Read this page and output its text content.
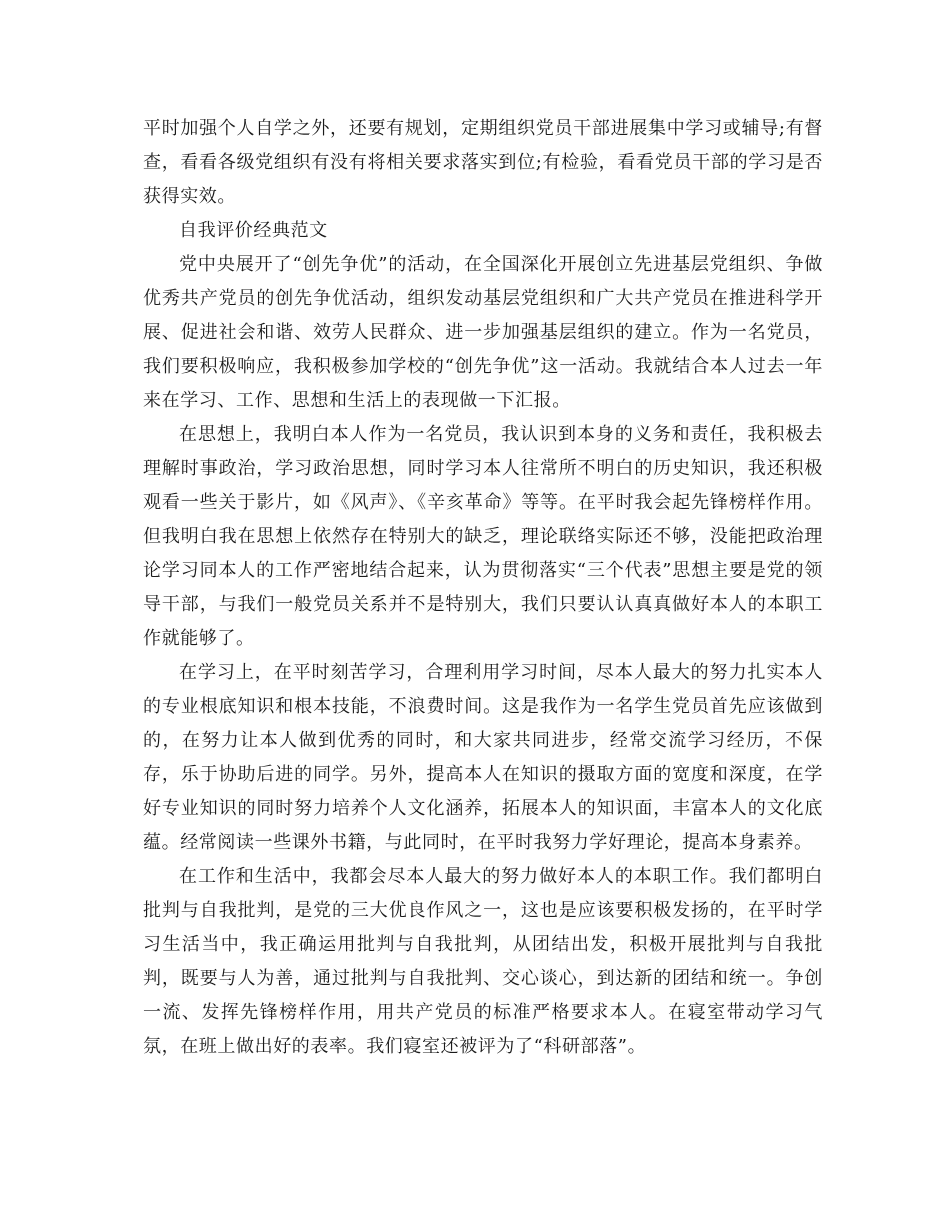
平时加强个人自学之外，还要有规划，定期组织党员干部进展集中学习或辅导;有督查，看看各级党组织有没有将相关要求落实到位;有检验，看看党员干部的学习是否获得实效。

自我评价经典范文

党中央展开了“创先争优”的活动，在全国深化开展创立先进基层党组织、争做优秀共产党员的创先争优活动，组织发动基层党组织和广大共产党员在推进科学开展、促进社会和谐、效劳人民群众、进一步加强基层组织的建立。作为一名党员，我们要积极响应，我积极参加学校的“创先争优”这一活动。我就结合本人过去一年来在学习、工作、思想和生活上的表现做一下汇报。

在思想上，我明白本人作为一名党员，我认识到本身的义务和责任，我积极去理解时事政治，学习政治思想，同时学习本人往常所不明白的历史知识，我还积极观看一些关于影片，如《风声》、《辛亥革命》等等。在平时我会起先锋榜样作用。但我明白我在思想上依然存在特别大的缺乏，理论联络实际还不够，没能把政治理论学习同本人的工作严密地结合起来，认为贯彻落实“三个代表”思想主要是党的领导干部，与我们一般党员关系并不是特别大，我们只要认认真真做好本人的本职工作就能够了。

在学习上，在平时刻苦学习，合理利用学习时间，尽本人最大的努力扎实本人的专业根底知识和根本技能，不浪费时间。这是我作为一名学生党员首先应该做到的，在努力让本人做到优秀的同时，和大家共同进步，经常交流学习经历，不保存，乐于协助后进的同学。另外，提高本人在知识的摄取方面的宽度和深度，在学好专业知识的同时努力培养个人文化涵养，拓展本人的知识面，丰富本人的文化底蕴。经常阅读一些课外书籍，与此同时，在平时我努力学好理论，提高本身素养。

在工作和生活中，我都会尽本人最大的努力做好本人的本职工作。我们都明白批判与自我批判，是党的三大优良作风之一，这也是应该要积极发扬的，在平时学习生活当中，我正确运用批判与自我批判，从团结出发，积极开展批判与自我批判，既要与人为善，通过批判与自我批判、交心谈心，到达新的团结和统一。争创一流、发挥先锋榜样作用，用共产党员的标准严格要求本人。在寝室带动学习气氛，在班上做出好的表率。我们寝室还被评为了“科研部落”。
